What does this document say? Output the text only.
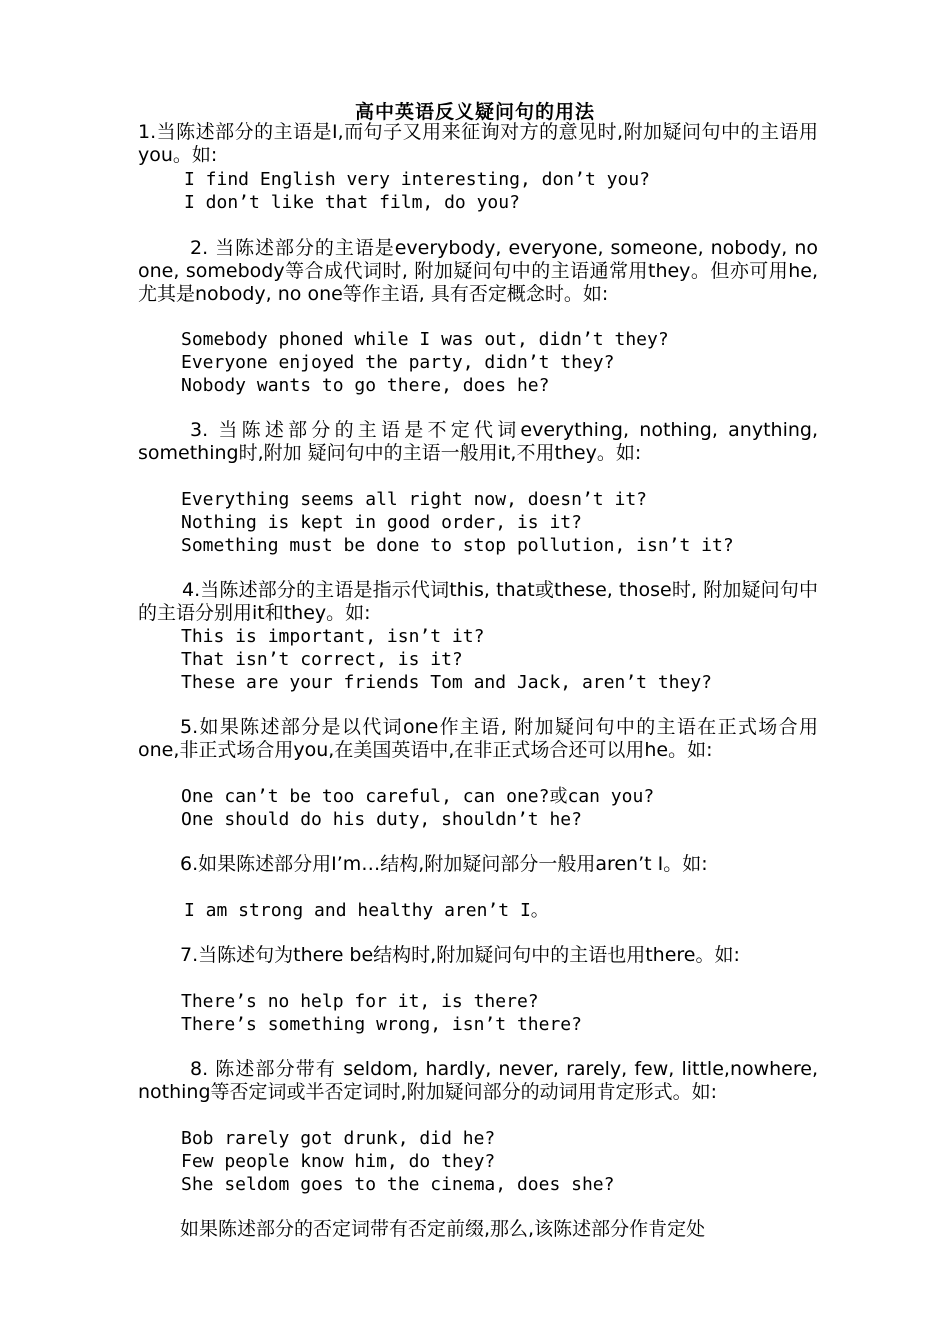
高中英语反义疑问句的用法
1.当陈述部分的主语是I,而句子又用来征询对方的意见时,附加疑问句中的主语用you。如:
I find English very interesting, don’t you?
I don’t like that film, do you?
2. 当陈述部分的主语是everybody, everyone, someone, nobody, no one, somebody等合成代词时, 附加疑问句中的主语通常用they。但亦可用he, 尤其是nobody, no one等作主语, 具有否定概念时。如:
Somebody phoned while I was out, didn’t they?
Everyone enjoyed the party, didn’t they?
Nobody wants to go there, does he?
3. 当陈述部分的主语是不定代词everything, nothing, anything, something时,附加 疑问句中的主语一般用it,不用they。如:
Everything seems all right now, doesn’t it?
Nothing is kept in good order, is it?
Something must be done to stop pollution, isn’t it?
4.当陈述部分的主语是指示代词this, that或these, those时, 附加疑问句中的主语分别用it和they。如:
This is important, isn’t it?
That isn’t correct, is it?
These are your friends Tom and Jack, aren’t they?
5.如果陈述部分是以代词one作主语, 附加疑问句中的主语在正式场合用one,非正式场合用you,在美国英语中,在非正式场合还可以用he。如:
One can’t be too careful, can one?或can you?
One should do his duty, shouldn’t he?
6.如果陈述部分用I’m…结构,附加疑问部分一般用aren’t I。如:
I am strong and healthy aren’t I。
7.当陈述句为there be结构时,附加疑问句中的主语也用there。如:
There’s no help for it, is there?
There’s something wrong, isn’t there?
8. 陈述部分带有 seldom, hardly, never, rarely, few, little,nowhere, nothing等否定词或半否定词时,附加疑问部分的动词用肯定形式。如:
Bob rarely got drunk, did he?
Few people know him, do they?
She seldom goes to the cinema, does she?
如果陈述部分的否定词带有否定前缀,那么,该陈述部分作肯定处
